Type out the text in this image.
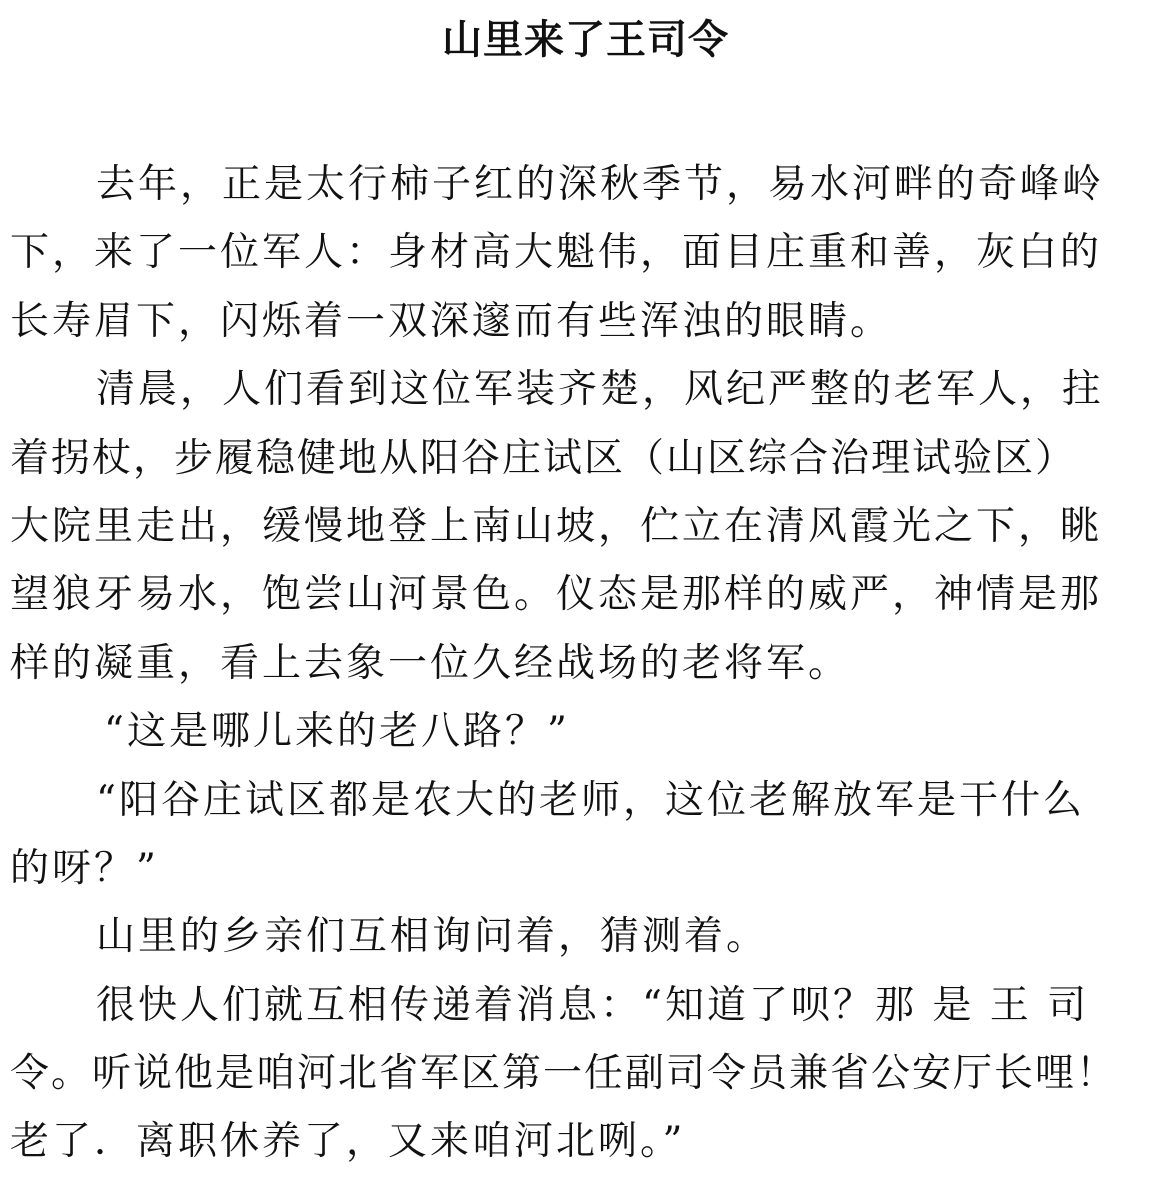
山里来了王司令
去年，正是太行柿子红的深秋季节，易水河畔的奇峰岭
下，来了一位军人：身材高大魁伟，面目庄重和善，灰白的
长寿眉下，闪烁着一双深邃而有些浑浊的眼睛。
清晨，人们看到这位军装齐楚，风纪严整的老军人，拄
着拐杖，步履稳健地从阳谷庄试区（山区综合治理试验区）
大院里走出，缓慢地登上南山坡，伫立在清风霞光之下，眺
望狼牙易水，饱尝山河景色。仪态是那样的威严，神情是那
样的凝重，看上去象一位久经战场的老将军。
“这是哪儿来的老八路？”
“阳谷庄试区都是农大的老师，这位老解放军是干什么
的呀？”
山里的乡亲们互相询问着，猜测着。
很快人们就互相传递着消息：“知道了呗？那 是 王 司
令。听说他是咱河北省军区第一任副司令员兼省公安厅长哩！
老了．离职休养了，又来咱河北咧。”
